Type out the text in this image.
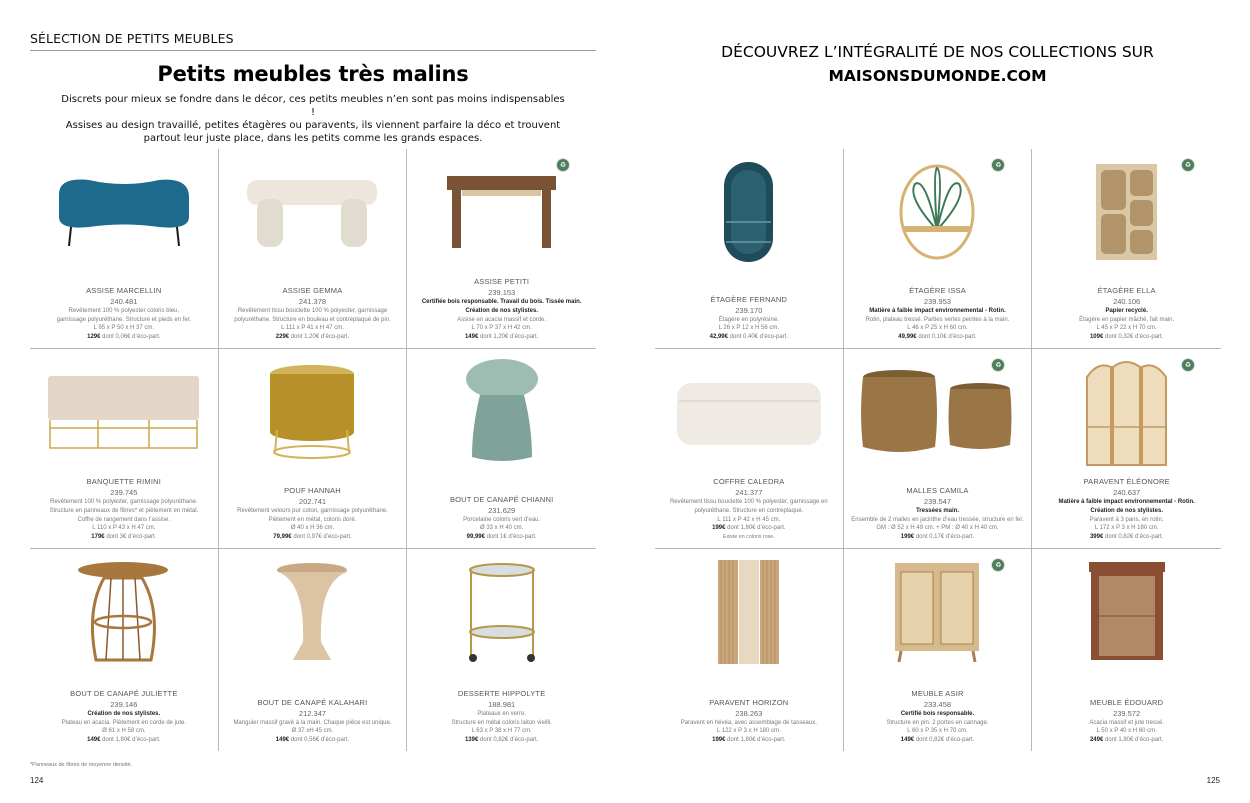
SÉLECTION DE PETITS MEUBLES
Petits meubles très malins
Discrets pour mieux se fondre dans le décor, ces petits meubles n’en sont pas moins indispensables !
Assises au design travaillé, petites étagères ou paravents, ils viennent parfaire la déco et trouvent
partout leur juste place, dans les petits comme les grands espaces.
ASSISE MARCELLIN
240.481
Revêtement 100 % polyester coloris bleu,
garnissage polyuréthane. Structure et pieds en fer.
L 95 x P 50 x H 37 cm.
129€ dont 0,06€ d’éco-part.
ASSISE GEMMA
241.378
Revêtement tissu bouclette 100 % polyester, garnissage
polyuréthane. Structure en bouleau et contreplaqué de pin.
L 111 x P 41 x H 47 cm.
229€ dont 1,20€ d’éco-part.
♻
ASSISE PETITI
239.153
Certifiée bois responsable. Travail du bois. Tissée main.
Création de nos stylistes.
Assise en acacia massif et corde.
L 70 x P 37 x H 42 cm.
149€ dont 1,20€ d’éco-part.
BANQUETTE RIMINI
239.745
Revêtement 100 % polyester, garnissage polyuréthane.
Structure en panneaux de fibres* et piètement en métal.
Coffre de rangement dans l’assise.
L 110 x P 43 x H 47 cm.
179€ dont 3€ d’éco-part.
POUF HANNAH
202.741
Revêtement velours pur coton, garnissage polyuréthane.
Piètement en métal, coloris doré.
Ø 40 x H 36 cm.
79,99€ dont 0,97€ d’éco-part.
BOUT DE CANAPÉ CHIANNI
231.629
Porcelaine coloris vert d’eau.
Ø 33 x H 40 cm.
99,99€ dont 1€ d’éco-part.
BOUT DE CANAPÉ JULIETTE
239.146
Création de nos stylistes.
Plateau en acacia. Piètement en corde de jute.
Ø 61 x H 58 cm.
149€ dont 1,80€ d’éco-part.
BOUT DE CANAPÉ KALAHARI
212.347
Manguier massif gravé à la main. Chaque pièce est unique.
Ø 37 xH 45 cm.
149€ dont 0,56€ d’éco-part.
DESSERTE HIPPOLYTE
188.981
Plateaux en verre.
Structure en métal coloris laiton vieilli.
L 63 x P 38 x H 77 cm.
139€ dont 0,82€ d’éco-part.
*Panneaux de fibres de moyenne densité.
124
DÉCOUVREZ L’INTÉGRALITÉ DE NOS COLLECTIONS SUR
MAISONSDUMONDE.COM
ÉTAGÈRE FERNAND
239.170
Étagère en polyrésine.
L 26 x P 12 x H 56 cm.
42,99€ dont 0,40€ d’éco-part.
♻
ÉTAGÈRE ISSA
239.953
Matière à faible impact environnemental - Rotin.
Rotin, plateau tressé. Parties vertes peintes à la main.
L 46 x P 25 x H 60 cm.
49,99€ dont 0,10€ d’éco-part.
♻
ÉTAGÈRE ELLA
240.106
Papier recyclé.
Étagère en papier mâché, fait main.
L 45 x P 22 x H 70 cm.
109€ dont 0,32€ d’éco-part.
COFFRE CALEDRA
241.377
Revêtement tissu bouclette 100 % polyester, garnissage en
polyuréthane. Structure en contreplaqué.
L 111 x P 42 x H 45 cm.
199€ dont 1,80€ d’éco-part.
Existe en coloris rose.
♻
MALLES CAMILA
239.547
Tressées main.
Ensemble de 2 malles en jacinthe d’eau tressée, structure en fer.
GM : Ø 52 x H 49 cm. + PM : Ø 40 x H 40 cm.
199€ dont 0,17€ d’éco-part.
♻
PARAVENT ÉLÉONORE
240.637
Matière à faible impact environnemental - Rotin.
Création de nos stylistes.
Paravent à 3 pans, en rotin.
L 172 x P 3 x H 180 cm.
399€ dont 0,82€ d’éco-part.
PARAVENT HORIZON
238.263
Paravent en hévéa, avec assemblage de tasseaux.
L 122 x P 3 x H 180 cm.
199€ dont 1,80€ d’éco-part.
♻
MEUBLE ASIR
233.458
Certifié bois responsable.
Structure en pin. 2 portes en cannage.
L 60 x P 35 x H 70 cm.
149€ dont 0,82€ d’éco-part.
MEUBLE ÉDOUARD
239.572
Acacia massif et jute tressé.
L 50 x P 40 x H 60 cm.
249€ dont 1,80€ d’éco-part.
125
